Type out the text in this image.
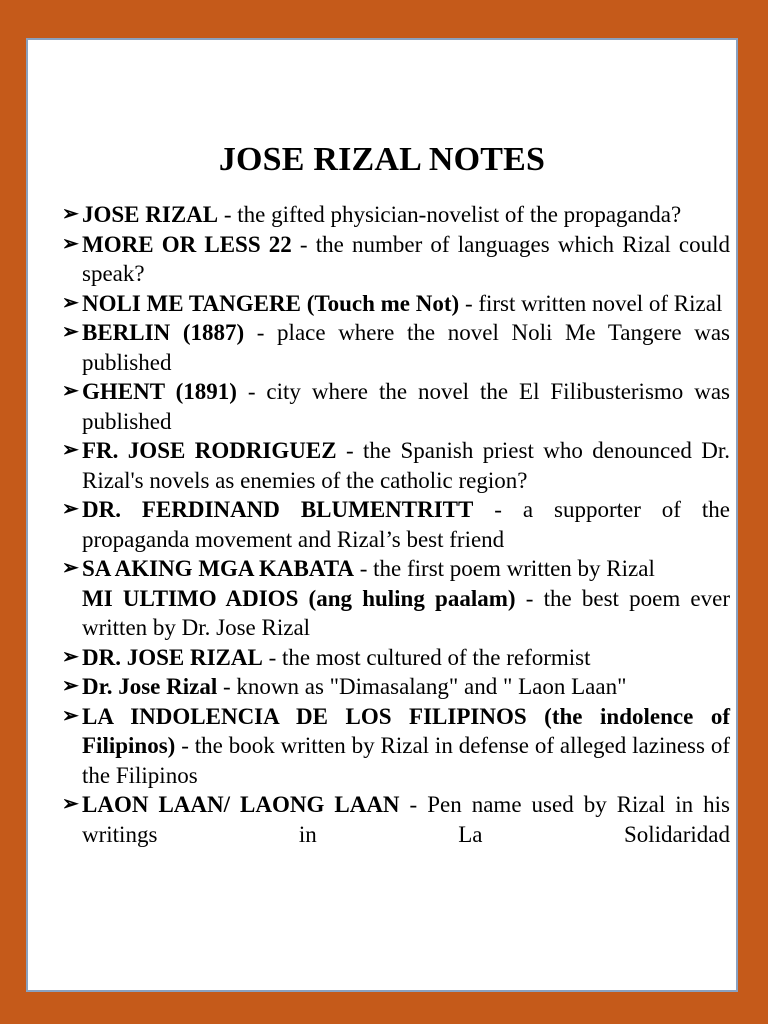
JOSE RIZAL NOTES
➢ JOSE RIZAL - the gifted physician-novelist of the propaganda?
➢ MORE OR LESS 22 - the number of languages which Rizal could speak?
➢ NOLI ME TANGERE (Touch me Not) - first written novel of Rizal
➢ BERLIN (1887) - place where the novel Noli Me Tangere was published
➢ GHENT (1891) - city where the novel the El Filibusterismo was published
➢ FR. JOSE RODRIGUEZ - the Spanish priest who denounced Dr. Rizal's novels as enemies of the catholic region?
➢ DR. FERDINAND BLUMENTRITT - a supporter of the propaganda movement and Rizal’s best friend
➢ SA AKING MGA KABATA - the first poem written by Rizal
MI ULTIMO ADIOS (ang huling paalam) - the best poem ever written by Dr. Jose Rizal
➢ DR. JOSE RIZAL - the most cultured of the reformist
➢ Dr. Jose Rizal - known as "Dimasalang" and " Laon Laan"
➢ LA INDOLENCIA DE LOS FILIPINOS (the indolence of Filipinos) - the book written by Rizal in defense of alleged laziness of the Filipinos
➢ LAON LAAN/ LAONG LAAN - Pen name used by Rizal in his writings in La Solidaridad
